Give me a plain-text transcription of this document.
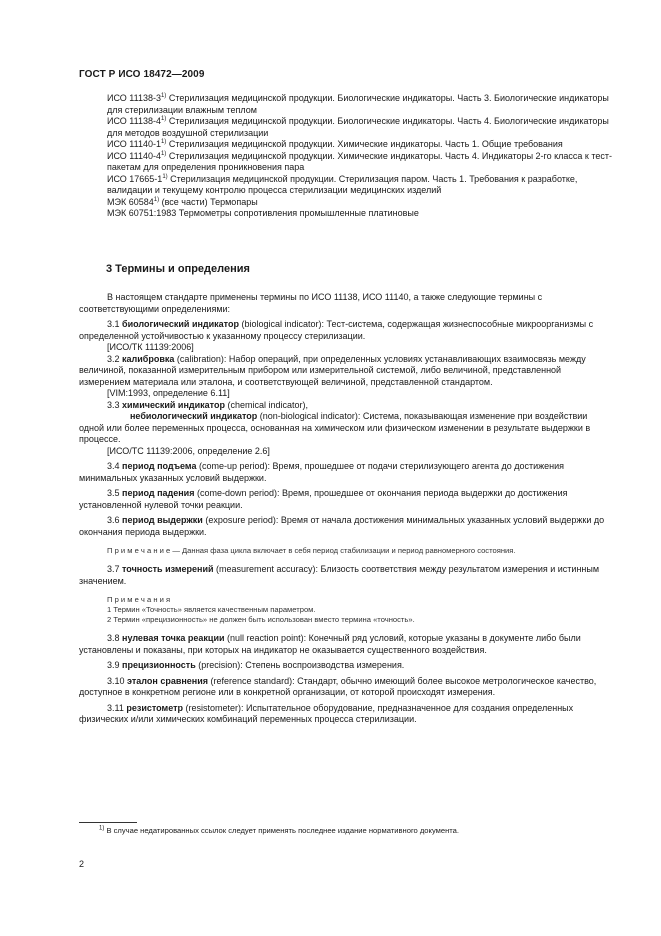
ГОСТ Р ИСО 18472—2009
ИСО 11138-3$^{1)}$ Стерилизация медицинской продукции. Биологические индикаторы. Часть 3. Биологические индикаторы для стерилизации влажным теплом
ИСО 11138-4$^{1)}$ Стерилизация медицинской продукции. Биологические индикаторы. Часть 4. Биологические индикаторы для методов воздушной стерилизации
ИСО 11140-1$^{1)}$ Стерилизация медицинской продукции. Химические индикаторы. Часть 1. Общие требования
ИСО 11140-4$^{1)}$ Стерилизация медицинской продукции. Химические индикаторы. Часть 4. Индикаторы 2-го класса к тест-пакетам для определения проникновения пара
ИСО 17665-1$^{1)}$ Стерилизация медицинской продукции. Стерилизация паром. Часть 1. Требования к разработке, валидации и текущему контролю процесса стерилизации медицинских изделий
МЭК 60584$^{1)}$ (все части) Термопары
МЭК 60751:1983 Термометры сопротивления промышленные платиновые
3 Термины и определения

В настоящем стандарте применены термины по ИСО 11138, ИСО 11140, а также следующие термины с соответствующими определениями:

3.1 биологический индикатор (biological indicator): Тест-система, содержащая жизнеспособные микроорганизмы с определенной устойчивостью к указанному процессу стерилизации.

[ИСО/ТК 11139:2006]

3.2 калибровка (calibration): Набор операций, при определенных условиях устанавливающих взаимосвязь между величиной, показанной измерительным прибором или измерительной системой, либо величиной, представленной измерением материала или эталона, и соответствующей величиной, представленной стандартом.

[VIM:1993, определение 6.11]

3.3 химический индикатор (chemical indicator),

небиологический индикатор (non-biological indicator): Система, показывающая изменение при воздействии одной или более переменных процесса, основанная на химическом или физическом изменении в результате выдержки в процессе.

[ИСО/ТС 11139:2006, определение 2.6]

3.4 период подъема (come-up period): Время, прошедшее от подачи стерилизующего агента до достижения минимальных указанных условий выдержки.

3.5 период падения (come-down period): Время, прошедшее от окончания периода выдержки до достижения установленной нулевой точки реакции.

3.6 период выдержки (exposure period): Время от начала достижения минимальных указанных условий выдержки до окончания периода выдержки.

П р и м е ч а н и е — Данная фаза цикла включает в себя период стабилизации и период равномерного состояния.

3.7 точность измерений (measurement accuracy): Близость соответствия между результатом измерения и истинным значением.

П р и м е ч а н и я

1 Термин «Точность» является качественным параметром.

2 Термин «прецизионность» не должен быть использован вместо термина «точность».

3.8 нулевая точка реакции (null reaction point): Конечный ряд условий, которые указаны в документе либо были установлены и показаны, при которых на индикатор не оказывается существенного воздействия.

3.9 прецизионность (precision): Степень воспроизводства измерения.

3.10 эталон сравнения (reference standard): Стандарт, обычно имеющий более высокое метрологическое качество, доступное в конкретном регионе или в конкретной организации, от которой происходят измерения.

3.11 резистометр (resistometer): Испытательное оборудование, предназначенное для создания определенных физических и/или химических комбинаций переменных процесса стерилизации.

$^{1)}$ В случае недатированных ссылок следует применять последнее издание нормативного документа.
2
